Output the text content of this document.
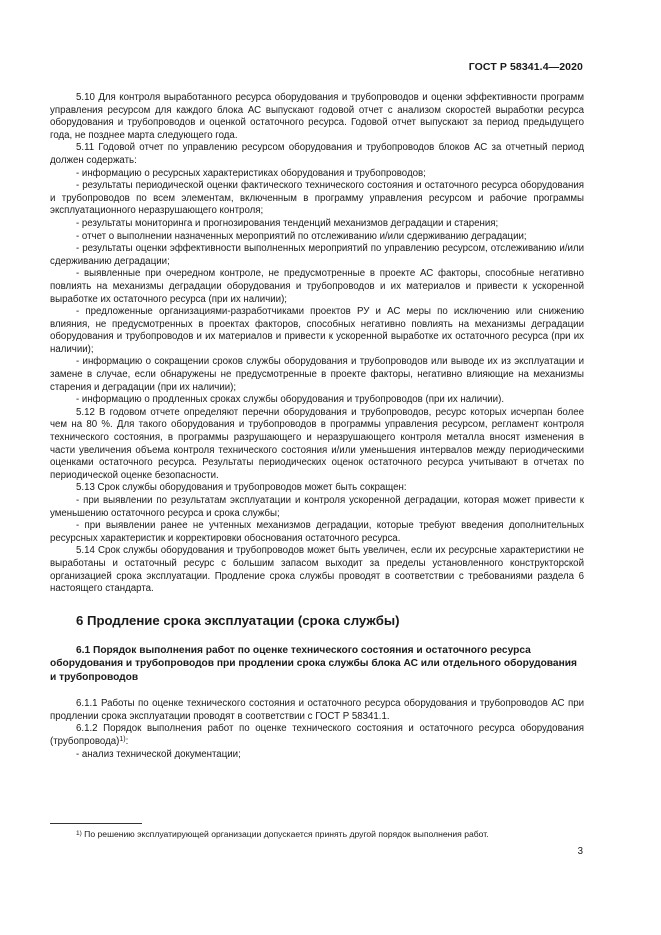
ГОСТ Р 58341.4—2020

5.10 Для контроля выработанного ресурса оборудования и трубопроводов и оценки эффективности программ управления ресурсом для каждого блока АС выпускают годовой отчет с анализом скоростей выработки ресурса оборудования и трубопроводов и оценкой остаточного ресурса. Годовой отчет выпускают за период предыдущего года, не позднее марта следующего года.

5.11 Годовой отчет по управлению ресурсом оборудования и трубопроводов блоков АС за отчетный период должен содержать:

- информацию о ресурсных характеристиках оборудования и трубопроводов;

- результаты периодической оценки фактического технического состояния и остаточного ресурса оборудования и трубопроводов по всем элементам, включенным в программу управления ресурсом и рабочие программы эксплуатационного неразрушающего контроля;

- результаты мониторинга и прогнозирования тенденций механизмов деградации и старения;

- отчет о выполнении назначенных мероприятий по отслеживанию и/или сдерживанию деградации;

- результаты оценки эффективности выполненных мероприятий по управлению ресурсом, отслеживанию и/или сдерживанию деградации;

- выявленные при очередном контроле, не предусмотренные в проекте АС факторы, способные негативно повлиять на механизмы деградации оборудования и трубопроводов и их материалов и привести к ускоренной выработке их остаточного ресурса (при их наличии);

- предложенные организациями-разработчиками проектов РУ и АС меры по исключению или снижению влияния, не предусмотренных в проектах факторов, способных негативно повлиять на механизмы деградации оборудования и трубопроводов и их материалов и привести к ускоренной выработке их остаточного ресурса (при их наличии);

- информацию о сокращении сроков службы оборудования и трубопроводов или выводе их из эксплуатации и замене в случае, если обнаружены не предусмотренные в проекте факторы, негативно влияющие на механизмы старения и деградации (при их наличии);

- информацию о продленных сроках службы оборудования и трубопроводов (при их наличии).

5.12 В годовом отчете определяют перечни оборудования и трубопроводов, ресурс которых исчерпан более чем на 80 %. Для такого оборудования и трубопроводов в программы управления ресурсом, регламент контроля технического состояния, в программы разрушающего и неразрушающего контроля металла вносят изменения в части увеличения объема контроля технического состояния и/или уменьшения интервалов между периодическими оценками остаточного ресурса. Результаты периодических оценок остаточного ресурса учитывают в отчетах по периодической оценке безопасности.

5.13 Срок службы оборудования и трубопроводов может быть сокращен:

- при выявлении по результатам эксплуатации и контроля ускоренной деградации, которая может привести к уменьшению остаточного ресурса и срока службы;

- при выявлении ранее не учтенных механизмов деградации, которые требуют введения дополнительных ресурсных характеристик и корректировки обоснования остаточного ресурса.

5.14 Срок службы оборудования и трубопроводов может быть увеличен, если их ресурсные характеристики не выработаны и остаточный ресурс с большим запасом выходит за пределы установленного конструкторской организацией срока эксплуатации. Продление срока службы проводят в соответствии с требованиями раздела 6 настоящего стандарта.

6 Продление срока эксплуатации (срока службы)

6.1 Порядок выполнения работ по оценке технического состояния и остаточного ресурса оборудования и трубопроводов при продлении срока службы блока АС или отдельного оборудования и трубопроводов

6.1.1 Работы по оценке технического состояния и остаточного ресурса оборудования и трубопроводов АС при продлении срока эксплуатации проводят в соответствии с ГОСТ Р 58341.1.

6.1.2 Порядок выполнения работ по оценке технического состояния и остаточного ресурса оборудования (трубопровода)$^{1)}$:

- анализ технической документации;

$^{1)}$ По решению эксплуатирующей организации допускается принять другой порядок выполнения работ.
3
